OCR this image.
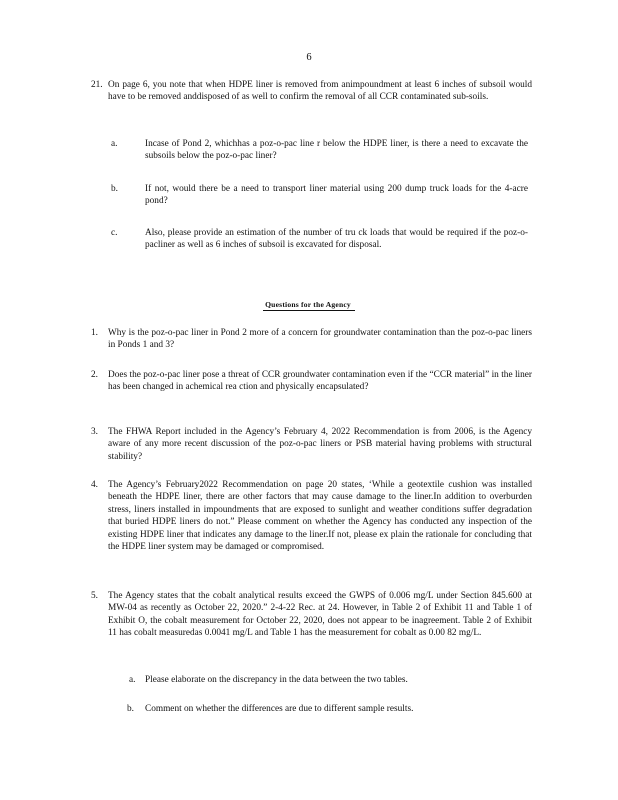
6
21. On page 6, you note that when HDPE liner is removed from animpoundment at least 6 inches of subsoil would have to be removed anddisposed of as well to confirm the removal of all CCR contaminated sub-soils.
a.	Incase of Pond 2, whichhas a poz-o-pac line r below the HDPE liner, is there a need to excavate the subsoils below the poz-o-pac liner?
b.	If not, would there be a need to transport liner material using 200 dump truck loads for the 4-acre pond?
c.	Also, please provide an estimation of the number of tru ck loads that would be required if the poz-o-pacliner as well as 6 inches of subsoil is excavated for disposal.
Questions for the Agency
1. Why is the poz-o-pac liner in Pond 2 more of a concern for groundwater contamination than the poz-o-pac liners in Ponds 1 and 3?
2. Does the poz-o-pac liner pose a threat of CCR groundwater contamination even if the “CCR material” in the liner has been changed in achemical rea ction and physically encapsulated?
3. The FHWA Report included in the Agency’s February 4, 2022 Recommendation is from 2006, is the Agency aware of any more recent discussion of the poz-o-pac liners or PSB material having problems with structural stability?
4. The Agency’s February2022 Recommendation on page 20 states, ‘While a geotextile cushion was installed beneath the HDPE liner, there are other factors that may cause damage to the liner.In addition to overburden stress, liners installed in impoundments that are exposed to sunlight and weather conditions suffer degradation that buried HDPE liners do not.” Please comment on whether the Agency has conducted any inspection of the existing HDPE liner that indicates any damage to the liner.If not, please ex plain the rationale for concluding that the HDPE liner system may be damaged or compromised.
5. The Agency states that the cobalt analytical results exceed the GWPS of 0.006 mg/L under Section 845.600 at MW-04 as recently as October 22, 2020.” 2-4-22 Rec. at 24. However, in Table 2 of Exhibit 11 and Table 1 of Exhibit O, the cobalt measurement for October 22, 2020, does not appear to be inagreement. Table 2 of Exhibit 11 has cobalt measuredas 0.0041 mg/L and Table 1 has the measurement for cobalt as 0.00 82 mg/L.
a. Please elaborate on the discrepancy in the data between the two tables.
b. Comment on whether the differences are due to different sample results.
